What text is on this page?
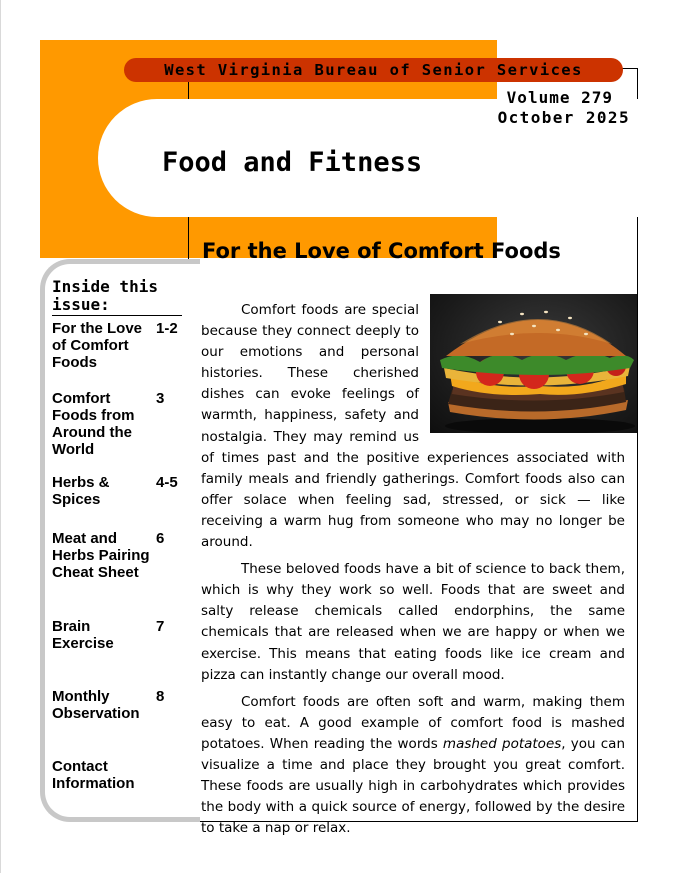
West Virginia Bureau of Senior Services
Volume 279
October 2025
Food and Fitness
Inside this issue:
For the Love of Comfort Foods
1-2
Comfort Foods from Around the World
3
Herbs & Spices
4-5
Meat and Herbs Pairing Cheat Sheet
6
Brain Exercise
7
Monthly Observation
8
Contact Information
For the Love of Comfort Foods

Comfort foods are special because they connect deeply to our emotions and personal histories. These cherished dishes can evoke feelings of warmth, happiness, safety and nostalgia. They may remind us of times past and the positive experiences associated with family meals and friendly gatherings. Comfort foods also can offer solace when feeling sad, stressed, or sick — like receiving a warm hug from someone who may no longer be around.

These beloved foods have a bit of science to back them, which is why they work so well. Foods that are sweet and salty release chemicals called endorphins, the same chemicals that are released when we are happy or when we exercise. This means that eating foods like ice cream and pizza can instantly change our overall mood.

Comfort foods are often soft and warm, making them easy to eat. A good example of comfort food is mashed potatoes. When reading the words mashed potatoes, you can visualize a time and place they brought you great comfort. These foods are usually high in carbohydrates which provides the body with a quick source of energy, followed by the desire to take a nap or relax.
